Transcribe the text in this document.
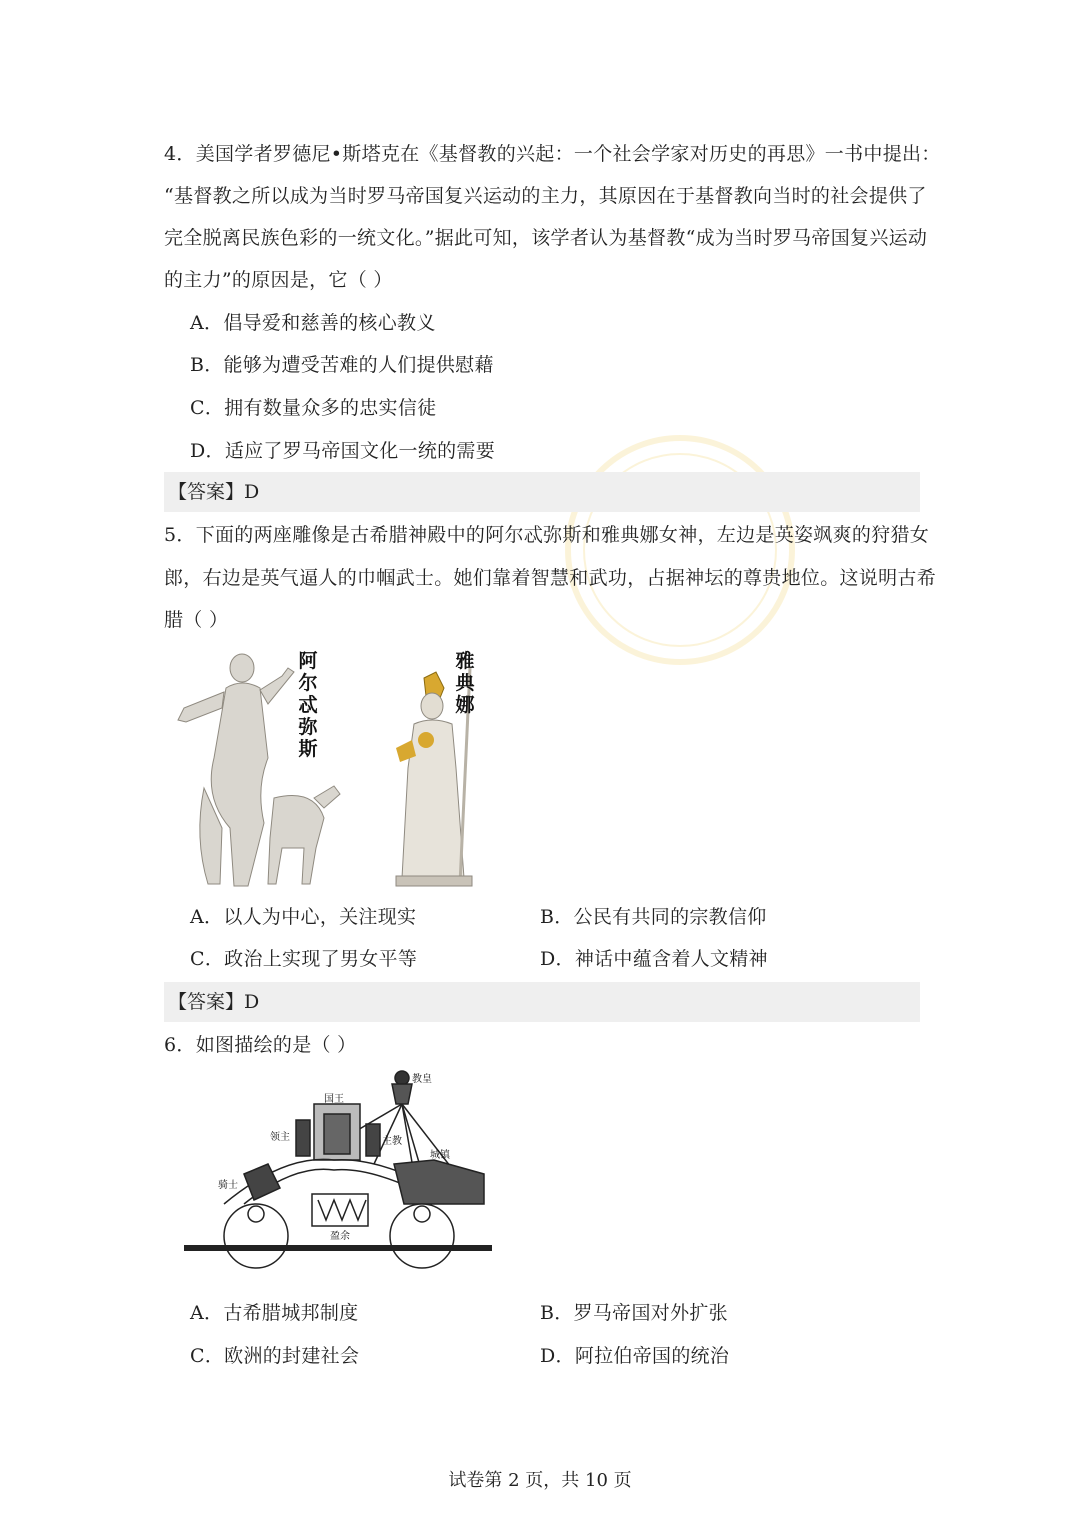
4．美国学者罗德尼•斯塔克在《基督教的兴起：一个社会学家对历史的再思》一书中提出：
“基督教之所以成为当时罗马帝国复兴运动的主力，其原因在于基督教向当时的社会提供了
完全脱离民族色彩的一统文化。”据此可知，该学者认为基督教“成为当时罗马帝国复兴运动
的主力”的原因是，它（ ）
A．倡导爱和慈善的核心教义
B．能够为遭受苦难的人们提供慰藉
C．拥有数量众多的忠实信徒
D．适应了罗马帝国文化一统的需要
【答案】D
5．下面的两座雕像是古希腊神殿中的阿尔忒弥斯和雅典娜女神，左边是英姿飒爽的狩猎女
郎，右边是英气逼人的巾帼武士。她们靠着智慧和武功，占据神坛的尊贵地位。这说明古希
腊（ ）
阿尔忒弥斯
雅典娜
A．以人为中心，关注现实	B．公民有共同的宗教信仰
C．政治上实现了男女平等	D．神话中蕴含着人文精神
【答案】D
6．如图描绘的是（ ）
教皇
国王
领主	主教
城镇
骑士
盈余
A．古希腊城邦制度	B．罗马帝国对外扩张
C．欧洲的封建社会	D．阿拉伯帝国的统治
试卷第 2 页，共 10 页
